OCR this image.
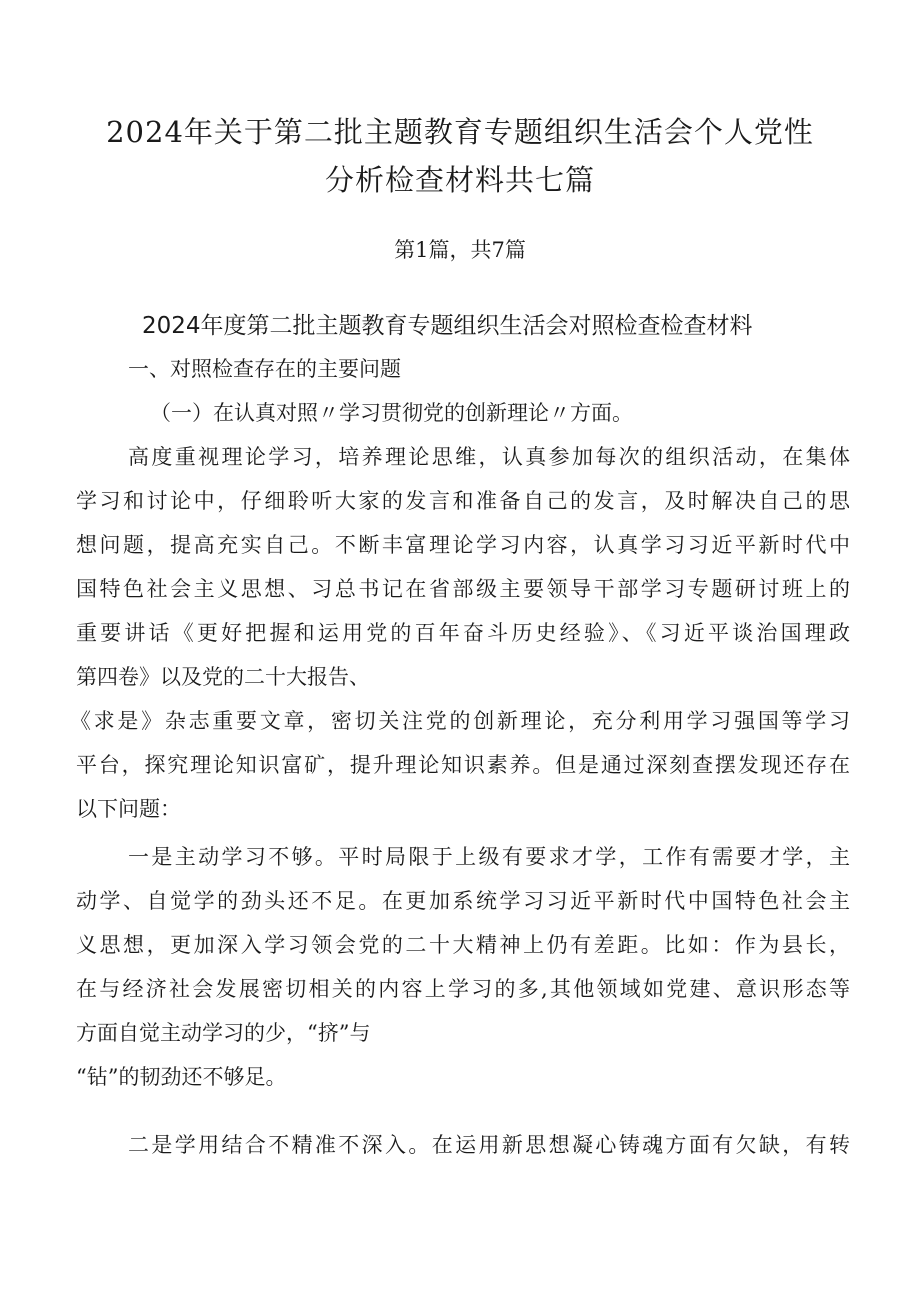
2024年关于第二批主题教育专题组织生活会个人党性
分析检查材料共七篇
第1篇，共7篇
2024年度第二批主题教育专题组织生活会对照检查检查材料
一、对照检查存在的主要问题
（一）在认真对照〃学习贯彻党的创新理论〃方面。
高度重视理论学习，培养理论思维，认真参加每次的组织活动，在集体
学习和讨论中，仔细聆听大家的发言和准备自己的发言，及时解决自己的思
想问题，提高充实自己。不断丰富理论学习内容，认真学习习近平新时代中
国特色社会主义思想、习总书记在省部级主要领导干部学习专题研讨班上的
重要讲话《更好把握和运用党的百年奋斗历史经验》、《习近平谈治国理政
第四卷》以及党的二十大报告、
《求是》杂志重要文章，密切关注党的创新理论，充分利用学习强国等学习
平台，探究理论知识富矿，提升理论知识素养。但是通过深刻查摆发现还存在
以下问题：
一是主动学习不够。平时局限于上级有要求才学，工作有需要才学，主
动学、自觉学的劲头还不足。在更加系统学习习近平新时代中国特色社会主
义思想，更加深入学习领会党的二十大精神上仍有差距。比如：作为县长，
在与经济社会发展密切相关的内容上学习的多,其他领域如党建、意识形态等
方面自觉主动学习的少，“挤”与
“钻”的韧劲还不够足。
二是学用结合不精准不深入。在运用新思想凝心铸魂方面有欠缺，有转
